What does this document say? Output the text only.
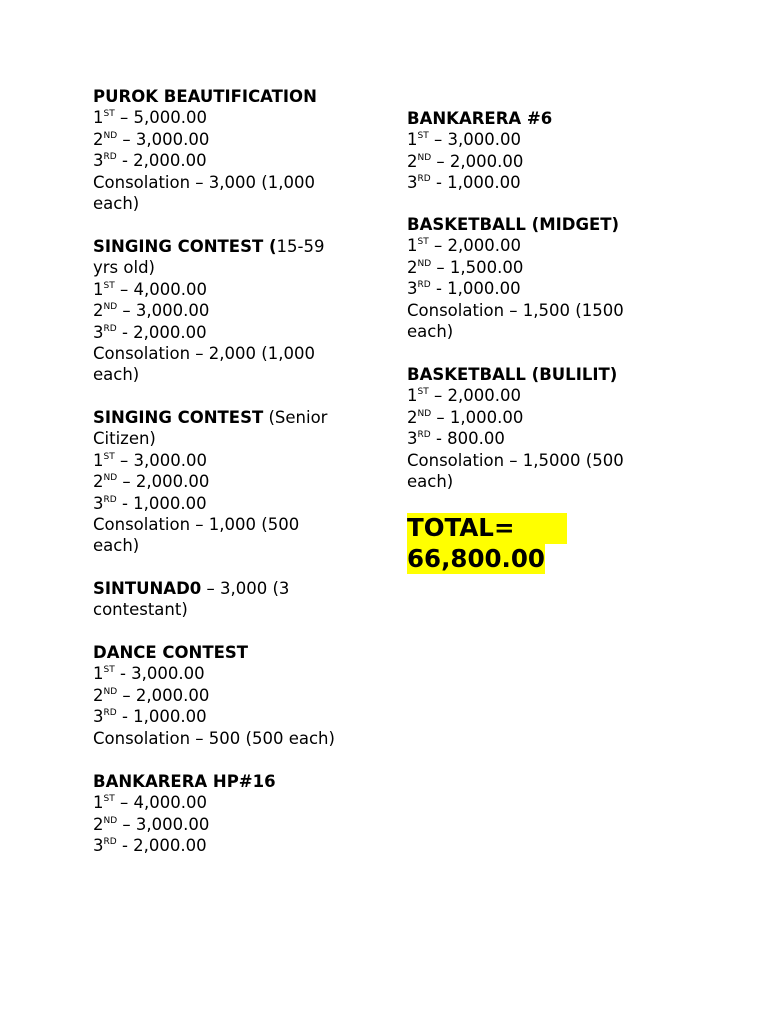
PUROK BEAUTIFICATION
1ST – 5,000.00
2ND – 3,000.00
3RD - 2,000.00
Consolation – 3,000 (1,000
each)
SINGING CONTEST (15-59
yrs old)
1ST – 4,000.00
2ND – 3,000.00
3RD - 2,000.00
Consolation – 2,000 (1,000
each)
SINGING CONTEST (Senior
Citizen)
1ST – 3,000.00
2ND – 2,000.00
3RD - 1,000.00
Consolation – 1,000 (500
each)
SINTUNAD0 – 3,000 (3
contestant)
DANCE CONTEST
1ST - 3,000.00
2ND – 2,000.00
3RD - 1,000.00
Consolation – 500 (500 each)
BANKARERA HP#16
1ST – 4,000.00
2ND – 3,000.00
3RD - 2,000.00
BANKARERA #6
1ST – 3,000.00
2ND – 2,000.00
3RD - 1,000.00
BASKETBALL (MIDGET)
1ST – 2,000.00
2ND – 1,500.00
3RD - 1,000.00
Consolation – 1,500 (1500
each)
BASKETBALL (BULILIT)
1ST – 2,000.00
2ND – 1,000.00
3RD - 800.00
Consolation – 1,5000 (500
each)
TOTAL=
66,800.00
